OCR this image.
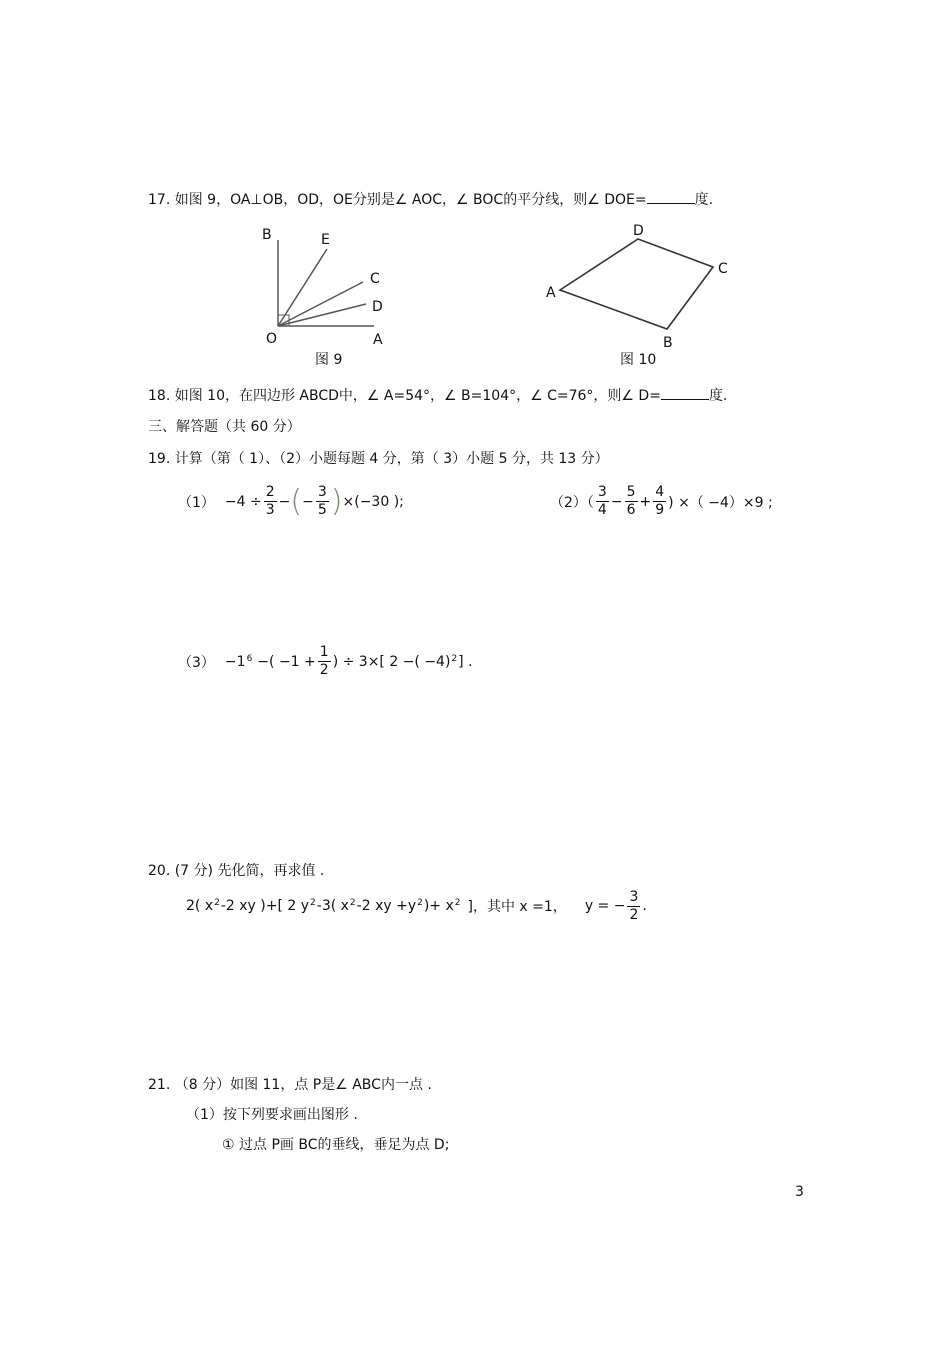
17. 如图 9，OA⊥OB，OD，OE分别是∠ AOC，∠ BOC的平分线，则∠ DOE=	度.
B	E
C
D
O	A
图 9
D
C
A
B
图 10
18. 如图 10，在四边形 ABCD中，∠ A=54°，∠ B=104°，∠ C=76°，则∠ D=	度.
三、解答题（共 60 分）
19. 计算（第（ 1）、（2）小题每题 4 分，第（ 3）小题 5 分，共 13 分）
$(1) -4 \div \frac{2}{3}$ − ( − $\frac{3}{5}$ ) ×(−30 );	$(2)( \frac{3}{4} - \frac{5}{6} + \frac{4}{9}$ ) ×（ −4）×9 ;
（3） −1 6 −( $-1 + \frac{1}{2}$ ) ÷ 3×[ 2 −( −4) 2 ] .
20. (7 分) 先化简，再求值 .
2( x 2 -2 xy )+[ 2 y 2 -3( x 2 -2 xy +y 2 )+ x 2 ]，其中 x =1， y = − $\frac{3}{2}$ .
21. （8 分）如图 11，点 P是∠ ABC内一点 .
（1）按下列要求画出图形 .
① 过点 P画 BC的垂线，垂足为点 D;
3
